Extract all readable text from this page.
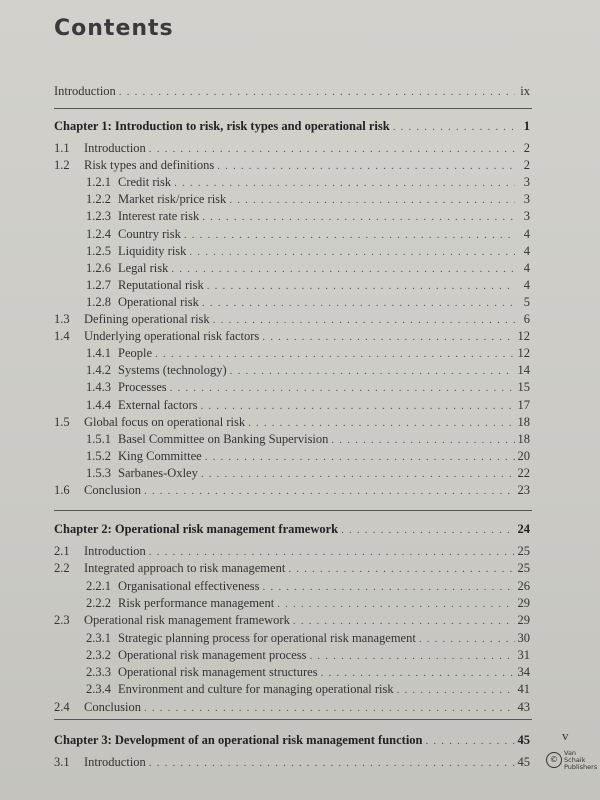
Contents
Introduction . . .	ix
Chapter 1: Introduction to risk, risk types and operational risk . . .	1
1.1	Introduction . . .	2
1.2	Risk types and definitions . . .	2
1.2.1 Credit risk . . .	3
1.2.2 Market risk/price risk . . .	3
1.2.3 Interest rate risk . . .	3
1.2.4 Country risk . . .	4
1.2.5 Liquidity risk . . .	4
1.2.6 Legal risk . . .	4
1.2.7 Reputational risk . . .	4
1.2.8 Operational risk . . .	5
1.3	Defining operational risk . . .	6
1.4	Underlying operational risk factors . . .	12
1.4.1 People . . .	12
1.4.2 Systems (technology) . . .	14
1.4.3 Processes . . .	15
1.4.4 External factors . . .	17
1.5	Global focus on operational risk . . .	18
1.5.1 Basel Committee on Banking Supervision . . .	18
1.5.2 King Committee . . .	20
1.5.3 Sarbanes-Oxley . . .	22
1.6	Conclusion . . .	23
Chapter 2: Operational risk management framework . . .	24
2.1	Introduction . . .	25
2.2	Integrated approach to risk management . . .	25
2.2.1 Organisational effectiveness . . .	26
2.2.2 Risk performance management . . .	29
2.3	Operational risk management framework . . .	29
2.3.1 Strategic planning process for operational risk management . . .	30
2.3.2 Operational risk management process . . .	31
2.3.3 Operational risk management structures . . .	34
2.3.4 Environment and culture for managing operational risk . . .	41
2.4	Conclusion . . .	43
Chapter 3: Development of an operational risk management function . . .	45
3.1	Introduction . . .	45
v
©
Van Schaik
Publishers
